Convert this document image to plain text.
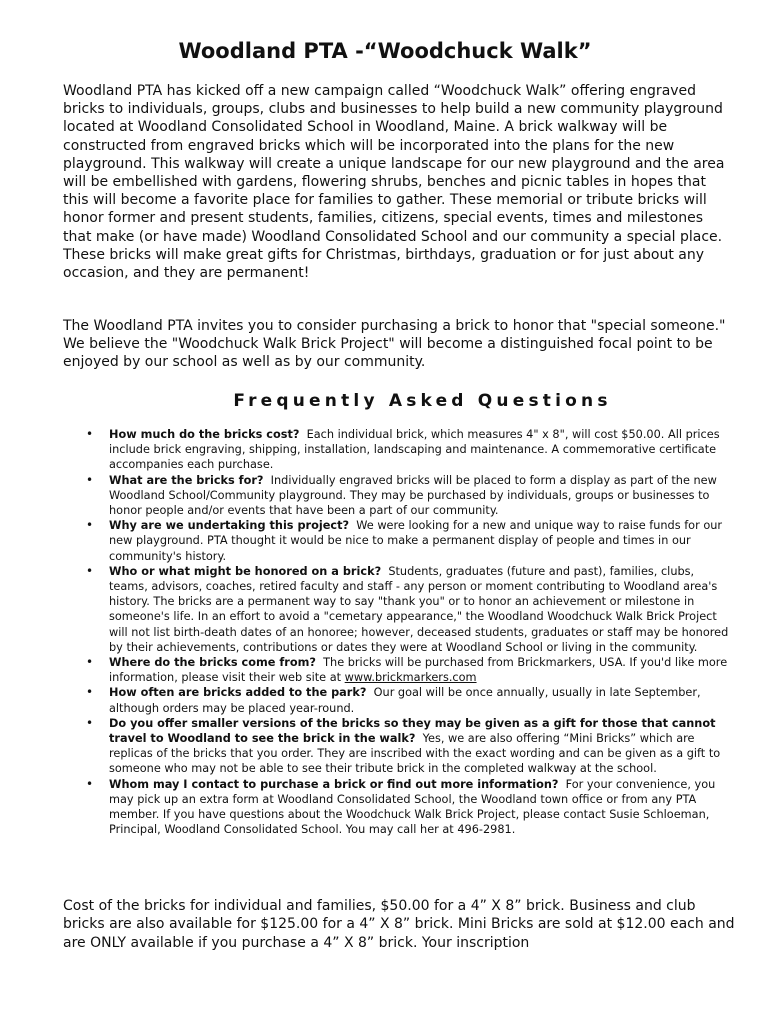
Woodland PTA -“Woodchuck Walk”

Woodland PTA has kicked off a new campaign called “Woodchuck Walk” offering engraved bricks to individuals, groups, clubs and businesses to help build a new community playground located at Woodland Consolidated School in Woodland, Maine. A brick walkway will be constructed from engraved bricks which will be incorporated into the plans for the new playground. This walkway will create a unique landscape for our new playground and the area will be embellished with gardens, flowering shrubs, benches and picnic tables in hopes that this will become a favorite place for families to gather. These memorial or tribute bricks will honor former and present students, families, citizens, special events, times and milestones that make (or have made) Woodland Consolidated School and our community a special place. These bricks will make great gifts for Christmas, birthdays, graduation or for just about any occasion, and they are permanent!

The Woodland PTA invites you to consider purchasing a brick to honor that "special someone." We believe the "Woodchuck Walk Brick Project" will become a distinguished focal point to be enjoyed by our school as well as by our community.

Frequently Asked Questions
• How much do the bricks cost? Each individual brick, which measures 4" x 8", will cost $50.00. All prices include brick engraving, shipping, installation, landscaping and maintenance. A commemorative certificate accompanies each purchase.
• What are the bricks for? Individually engraved bricks will be placed to form a display as part of the new Woodland School/Community playground. They may be purchased by individuals, groups or businesses to honor people and/or events that have been a part of our community.
• Why are we undertaking this project? We were looking for a new and unique way to raise funds for our new playground. PTA thought it would be nice to make a permanent display of people and times in our community's history.
• Who or what might be honored on a brick? Students, graduates (future and past), families, clubs, teams, advisors, coaches, retired faculty and staff - any person or moment contributing to Woodland area's history. The bricks are a permanent way to say "thank you" or to honor an achievement or milestone in someone's life. In an effort to avoid a "cemetary appearance," the Woodland Woodchuck Walk Brick Project will not list birth-death dates of an honoree; however, deceased students, graduates or staff may be honored by their achievements, contributions or dates they were at Woodland School or living in the community.
• Where do the bricks come from? The bricks will be purchased from Brickmarkers, USA. If you'd like more information, please visit their web site at www.brickmarkers.com
• How often are bricks added to the park? Our goal will be once annually, usually in late September, although orders may be placed year-round.
• Do you offer smaller versions of the bricks so they may be given as a gift for those that cannot travel to Woodland to see the brick in the walk? Yes, we are also offering “Mini Bricks” which are replicas of the bricks that you order. They are inscribed with the exact wording and can be given as a gift to someone who may not be able to see their tribute brick in the completed walkway at the school.
• Whom may I contact to purchase a brick or find out more information? For your convenience, you may pick up an extra form at Woodland Consolidated School, the Woodland town office or from any PTA member. If you have questions about the Woodchuck Walk Brick Project, please contact Susie Schloeman, Principal, Woodland Consolidated School. You may call her at 496-2981.

Cost of the bricks for individual and families, $50.00 for a 4” X 8” brick. Business and club bricks are also available for $125.00 for a 4” X 8” brick. Mini Bricks are sold at $12.00 each and are ONLY available if you purchase a 4” X 8” brick. Your inscription
